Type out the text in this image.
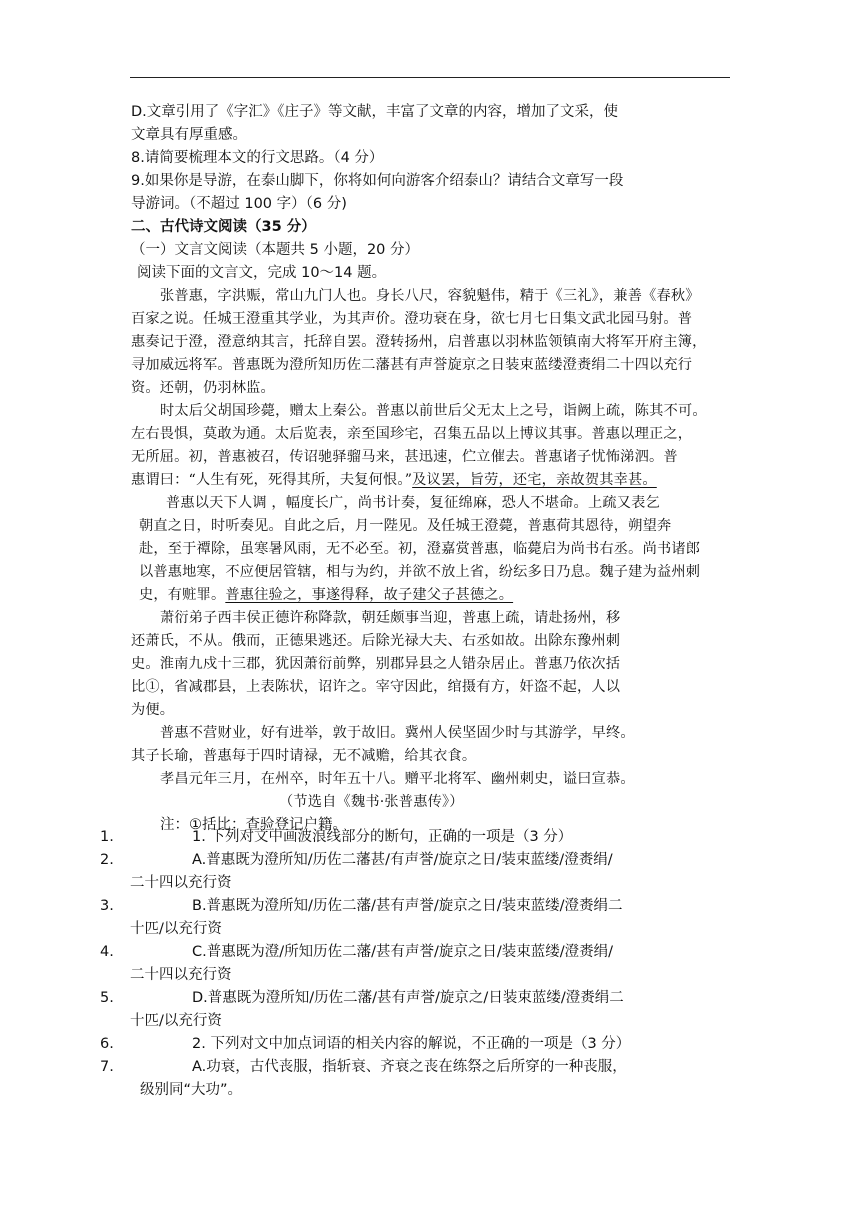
D.文章引用了《字汇》《庄子》等文献，丰富了文章的内容，增加了文采，使
文章具有厚重感。
8.请简要梳理本文的行文思路。（4 分）
9.如果你是导游，在泰山脚下，你将如何向游客介绍泰山？请结合文章写一段
导游词。（不超过 100 字）（6 分)
二、古代诗文阅读（35 分）
（一）文言文阅读（本题共 5 小题，20 分）
阅读下面的文言文，完成 10～14 题。
张普惠，字洪赈，常山九门人也。身长八尺，容貌魁伟，精于《三礼》，兼善《春秋》
百家之说。任城王澄重其学业，为其声价。澄功衰在身，欲七月七日集文武北园马射。普
惠奏记于澄，澄意纳其言，托辞自罢。澄转扬州，启普惠以羽林监领镇南大将军开府主簿，
寻加威远将军。普惠既为澄所知历佐二藩甚有声誉旋京之日装束蓝缕澄赉绢二十四以充行
资。还朝，仍羽林监。
时太后父胡国珍薨，赠太上秦公。普惠以前世后父无太上之号，诣阙上疏，陈其不可。
左右畏惧，莫敢为通。太后览表，亲至国珍宅，召集五品以上博议其事。普惠以理正之，
无所屈。初，普惠被召，传诏驰驿骝马来，甚迅速，伫立催去。普惠诸子忧怖涕泗。普
惠谓曰：“人生有死，死得其所，夫复何恨。”及议罢，旨劳，还宅，亲故贺其幸甚。
普惠以天下人调 ，幅度长广，尚书计奏，复征绵麻，恐人不堪命。上疏又表乞
朝直之日，时听奏见。自此之后，月一陛见。及任城王澄薨，普惠荷其恩待，朔望奔
赴，至于禫除，虽寒暑风雨，无不必至。初，澄嘉赏普惠，临薨启为尚书右丞。尚书诸郎
以普惠地寒，不应便居管辖，相与为约，并欲不放上省，纷纭多日乃息。魏子建为益州刺
史，有赃罪。普惠往验之，事遂得释，故子建父子甚德之。
萧衍弟子西丰侯正德许称降款，朝廷颇事当迎，普惠上疏，请赴扬州，移
还萧氏，不从。俄而，正德果逃还。后除光禄大夫、右丞如故。出除东豫州刺
史。淮南九戍十三郡，犹因萧衍前弊，别郡异县之人错杂居止。普惠乃依次括
比①，省减郡县，上表陈状，诏许之。宰守因此，绾摄有方，奸盗不起，人以
为便。
普惠不营财业，好有进举，敦于故旧。冀州人侯坚固少时与其游学，早终。
其子长瑜，普惠每于四时请禄，无不减赡，给其衣食。
孝昌元年三月，在州卒，时年五十八。赠平北将军、幽州刺史，谥曰宣恭。
（节选自《魏书·张普惠传》）
注：①括比：查验登记户籍。
1.	1. 下列对文中画波浪线部分的断句，正确的一项是（3 分）
2.	A.普惠既为澄所知/历佐二藩甚/有声誉/旋京之日/装束蓝缕/澄赉绢/
二十四以充行资
3.	B.普惠既为澄所知/历佐二藩/甚有声誉/旋京之日/装束蓝缕/澄赉绢二
十匹/以充行资
4.	C.普惠既为澄/所知历佐二藩/甚有声誉/旋京之日/装束蓝缕/澄赉绢/
二十四以充行资
5.	D.普惠既为澄所知/历佐二藩/甚有声誉/旋京之/日装束蓝缕/澄赉绢二
十匹/以充行资
6.	2. 下列对文中加点词语的相关内容的解说，不正确的一项是（3 分）
7.	A.功衰，古代丧服，指斩衰、齐衰之丧在练祭之后所穿的一种丧服，
级别同“大功”。
